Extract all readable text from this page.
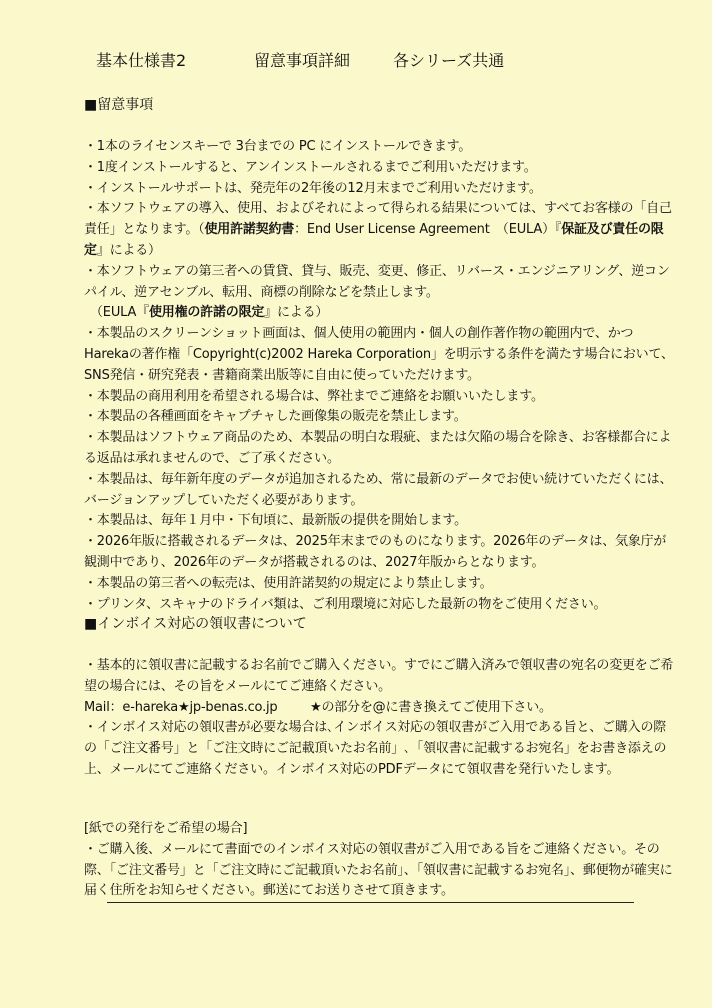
基本仕様書2	留意事項詳細	各シリーズ共通
■留意事項

・1本のライセンスキーで 3台までの PC にインストールできます。

・1度インストールすると、アンインストールされるまでご利用いただけます。

・インストールサポートは、発売年の2年後の12月末までご利用いただけます。

・本ソフトウェアの導入、使用、およびそれによって得られる結果については、すべてお客様の「自己責任」となります。（使用許諾契約書：End User License Agreement　（EULA）『保証及び責任の限定』による）

・本ソフトウェアの第三者への賃貸、貸与、販売、変更、修正、リバース・エンジニアリング、逆コンパイル、逆アセンブル、転用、商標の削除などを禁止します。

（EULA『使用権の許諾の限定』による）

・本製品のスクリーンショット画面は、個人使用の範囲内・個人の創作著作物の範囲内で、かつHarekaの著作権「Copyright(c)2002 Hareka Corporation」を明示する条件を満たす場合において、SNS発信・研究発表・書籍商業出版等に自由に使っていただけます。

・本製品の商用利用を希望される場合は、弊社までご連絡をお願いいたします。

・本製品の各種画面をキャプチャした画像集の販売を禁止します。

・本製品はソフトウェア商品のため、本製品の明白な瑕疵、または欠陥の場合を除き、お客様都合による返品は承れませんので、ご了承ください。

・本製品は、毎年新年度のデータが追加されるため、常に最新のデータでお使い続けていただくには、バージョンアップしていただく必要があります。

・本製品は、毎年１月中・下旬頃に、最新版の提供を開始します。

・2026年版に搭載されるデータは、2025年末までのものになります。2026年のデータは、気象庁が観測中であり、2026年のデータが搭載されるのは、2027年版からとなります。

・本製品の第三者への転売は、使用許諾契約の規定により禁止します。

・プリンタ、スキャナのドライバ類は、ご利用環境に対応した最新の物をご使用ください。

■インボイス対応の領収書について

・基本的に領収書に記載するお名前でご購入ください。すでにご購入済みで領収書の宛名の変更をご希望の場合には、その旨をメールにてご連絡ください。

Mail：e-hareka★jp-benas.co.jp	★の部分を@に書き換えてご使用下さい。

・インボイス対応の領収書が必要な場合は､インボイス対応の領収書がご入用である旨と、ご購入の際の「ご注文番号」と「ご注文時にご記載頂いたお名前」､「領収書に記載するお宛名」をお書き添えの上、メールにてご連絡ください。インボイス対応のPDFデータにて領収書を発行いたします。

[紙での発行をご希望の場合]

・ご購入後、メールにて書面でのインボイス対応の領収書がご入用である旨をご連絡ください。その際、「ご注文番号」と「ご注文時にご記載頂いたお名前」、「領収書に記載するお宛名」、郵便物が確実に届く住所をお知らせください。郵送にてお送りさせて頂きます。
